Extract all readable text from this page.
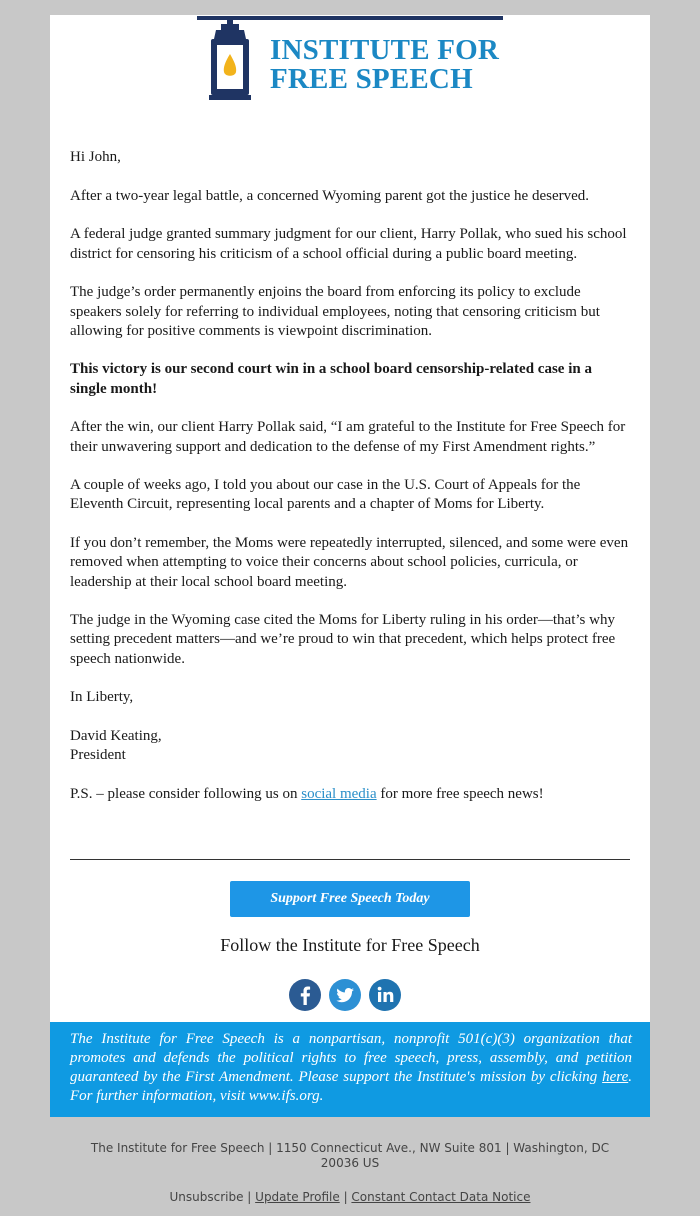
INSTITUTE FOR
FREE SPEECH

Hi John,

After a two-year legal battle, a concerned Wyoming parent got the justice he deserved.

A federal judge granted summary judgment for our client, Harry Pollak, who sued his school district for censoring his criticism of a school official during a public board meeting.

The judge’s order permanently enjoins the board from enforcing its policy to exclude speakers solely for referring to individual employees, noting that censoring criticism but allowing for positive comments is viewpoint discrimination.

This victory is our second court win in a school board censorship-related case in a single month!

After the win, our client Harry Pollak said, “I am grateful to the Institute for Free Speech for their unwavering support and dedication to the defense of my First Amendment rights.”

A couple of weeks ago, I told you about our case in the U.S. Court of Appeals for the Eleventh Circuit, representing local parents and a chapter of Moms for Liberty.

If you don’t remember, the Moms were repeatedly interrupted, silenced, and some were even removed when attempting to voice their concerns about school policies, curricula, or leadership at their local school board meeting.

The judge in the Wyoming case cited the Moms for Liberty ruling in his order—that’s why setting precedent matters—and we’re proud to win that precedent, which helps protect free speech nationwide.

In Liberty,

David Keating,
President

P.S. – please consider following us on social media for more free speech news!

Support Free Speech Today
Follow the Institute for Free Speech
The Institute for Free Speech is a nonpartisan, nonprofit 501(c)(3) organization that promotes and defends the political rights to free speech, press, assembly, and petition guaranteed by the First Amendment. Please support the Institute's mission by clicking here. For further information, visit www.ifs.org.
The Institute for Free Speech | 1150 Connecticut Ave., NW Suite 801 | Washington, DC 20036 US
Unsubscribe | Update Profile | Constant Contact Data Notice
